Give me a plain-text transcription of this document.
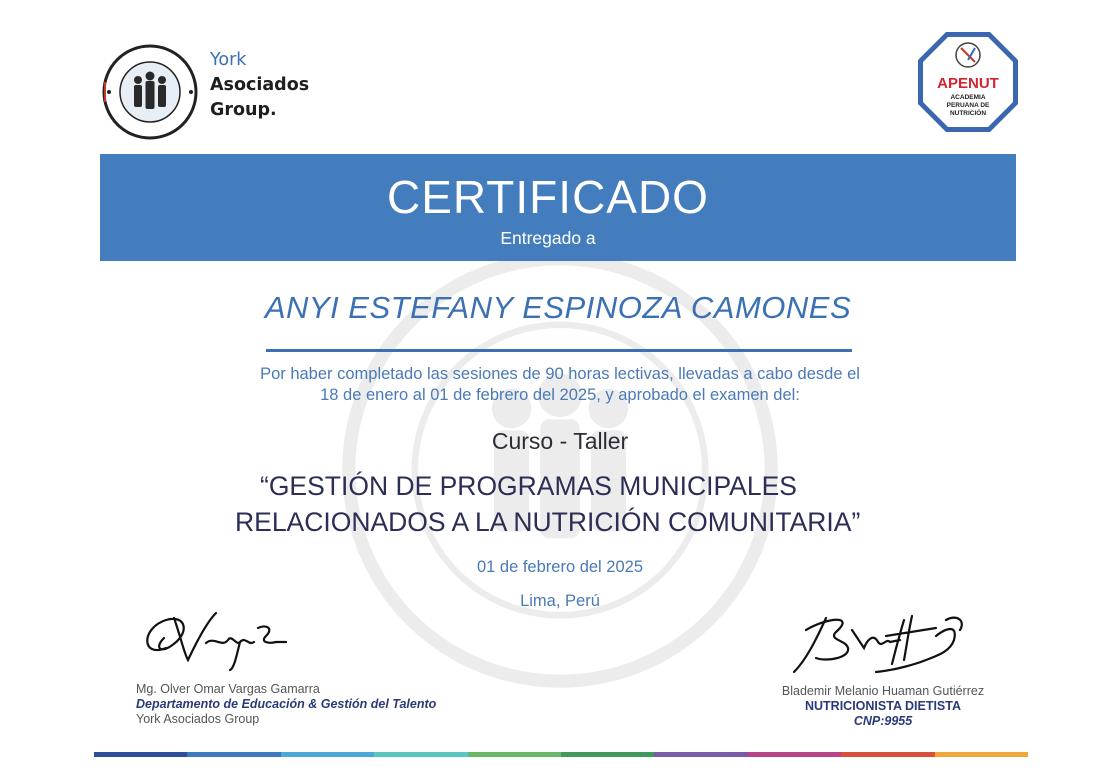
York
Asociados
Group.
APENUT
ACADEMIA
PERUANA DE
NUTRICIÓN
CERTIFICADO
Entregado a
ANYI ESTEFANY ESPINOZA CAMONES
Por haber completado las sesiones de 90 horas lectivas, llevadas a cabo desde el
18 de enero al 01 de febrero del 2025, y aprobado el examen del:
Curso - Taller
“GESTIÓN DE PROGRAMAS MUNICIPALES
RELACIONADOS A LA NUTRICIÓN COMUNITARIA”
01 de febrero del 2025
Lima, Perú
Mg. Olver Omar Vargas Gamarra
Departamento de Educación & Gestión del Talento
York Asociados Group
Blademir Melanio Huaman Gutiérrez
NUTRICIONISTA DIETISTA
CNP:9955
